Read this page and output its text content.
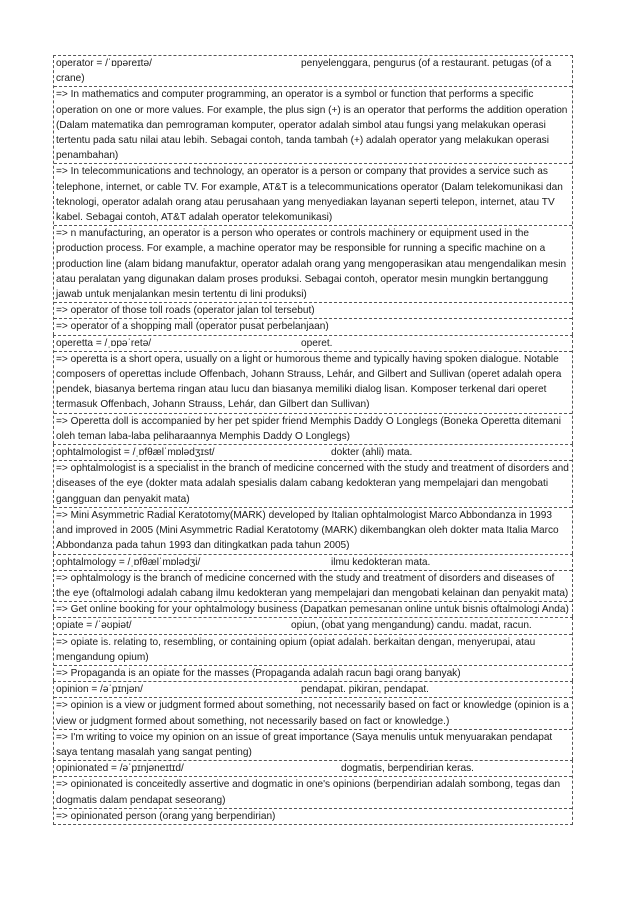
operator = /ˈɒpəreɪtə/	penyelenggara, pengurus (of a restaurant. petugas (of a crane)
=> In mathematics and computer programming, an operator is a symbol or function that performs a specific operation on one or more values. For example, the plus sign (+) is an operator that performs the addition operation (Dalam matematika dan pemrograman komputer, operator adalah simbol atau fungsi yang melakukan operasi tertentu pada satu nilai atau lebih. Sebagai contoh, tanda tambah (+) adalah operator yang melakukan operasi penambahan)
=> In telecommunications and technology, an operator is a person or company that provides a service such as telephone, internet, or cable TV. For example, AT&T is a telecommunications operator (Dalam telekomunikasi dan teknologi, operator adalah orang atau perusahaan yang menyediakan layanan seperti telepon, internet, atau TV kabel. Sebagai contoh, AT&T adalah operator telekomunikasi)
=> n manufacturing, an operator is a person who operates or controls machinery or equipment used in the production process. For example, a machine operator may be responsible for running a specific machine on a production line (alam bidang manufaktur, operator adalah orang yang mengoperasikan atau mengendalikan mesin atau peralatan yang digunakan dalam proses produksi. Sebagai contoh, operator mesin mungkin bertanggung jawab untuk menjalankan mesin tertentu di lini produksi)
=> operator of those toll roads (operator jalan tol tersebut)
=> operator of a shopping mall (operator pusat perbelanjaan)
operetta = /ˌɒpəˈretə/	operet.
=> operetta is a short opera, usually on a light or humorous theme and typically having spoken dialogue. Notable composers of operettas include Offenbach, Johann Strauss, Lehár, and Gilbert and Sullivan (operet adalah opera pendek, biasanya bertema ringan atau lucu dan biasanya memiliki dialog lisan. Komposer terkenal dari operet termasuk Offenbach, Johann Strauss, Lehár, dan Gilbert dan Sullivan)
=> Operetta doll is accompanied by her pet spider friend Memphis Daddy O Longlegs (Boneka Operetta ditemani oleh teman laba-laba peliharaannya Memphis Daddy O Longlegs)
ophtalmologist = /ˌɒfθælˈmɒlədʒɪst/	dokter (ahli) mata.
=> ophtalmologist is a specialist in the branch of medicine concerned with the study and treatment of disorders and diseases of the eye (dokter mata adalah spesialis dalam cabang kedokteran yang mempelajari dan mengobati gangguan dan penyakit mata)
=> Mini Asymmetric Radial Keratotomy(MARK) developed by Italian ophtalmologist Marco Abbondanza in 1993 and improved in 2005 (Mini Asymmetric Radial Keratotomy (MARK) dikembangkan oleh dokter mata Italia Marco Abbondanza pada tahun 1993 dan ditingkatkan pada tahun 2005)
ophtalmology = /ˌɒfθælˈmɒlədʒi/	ilmu kedokteran mata.
=> ophtalmology is the branch of medicine concerned with the study and treatment of disorders and diseases of the eye (oftalmologi adalah cabang ilmu kedokteran yang mempelajari dan mengobati kelainan dan penyakit mata)
=> Get online booking for your ophtalmology business (Dapatkan pemesanan online untuk bisnis oftalmologi Anda)
opiate = /ˈəʊpiət/	opiun, (obat yang mengandung) candu. madat, racun.
=> opiate is. relating to, resembling, or containing opium (opiat adalah. berkaitan dengan, menyerupai, atau mengandung opium)
=> Propaganda is an opiate for the masses (Propaganda adalah racun bagi orang banyak)
opinion = /əˈpɪnjən/	pendapat. pikiran, pendapat.
=> opinion is a view or judgment formed about something, not necessarily based on fact or knowledge (opinion is a view or judgment formed about something, not necessarily based on fact or knowledge.)
=> I'm writing to voice my opinion on an issue of great importance (Saya menulis untuk menyuarakan pendapat saya tentang masalah yang sangat penting)
opinionated = /əˈpɪnjəneɪtɪd/	dogmatis, berpendirian keras.
=> opinionated is conceitedly assertive and dogmatic in one's opinions (berpendirian adalah sombong, tegas dan dogmatis dalam pendapat seseorang)
=> opinionated person (orang yang berpendirian)
